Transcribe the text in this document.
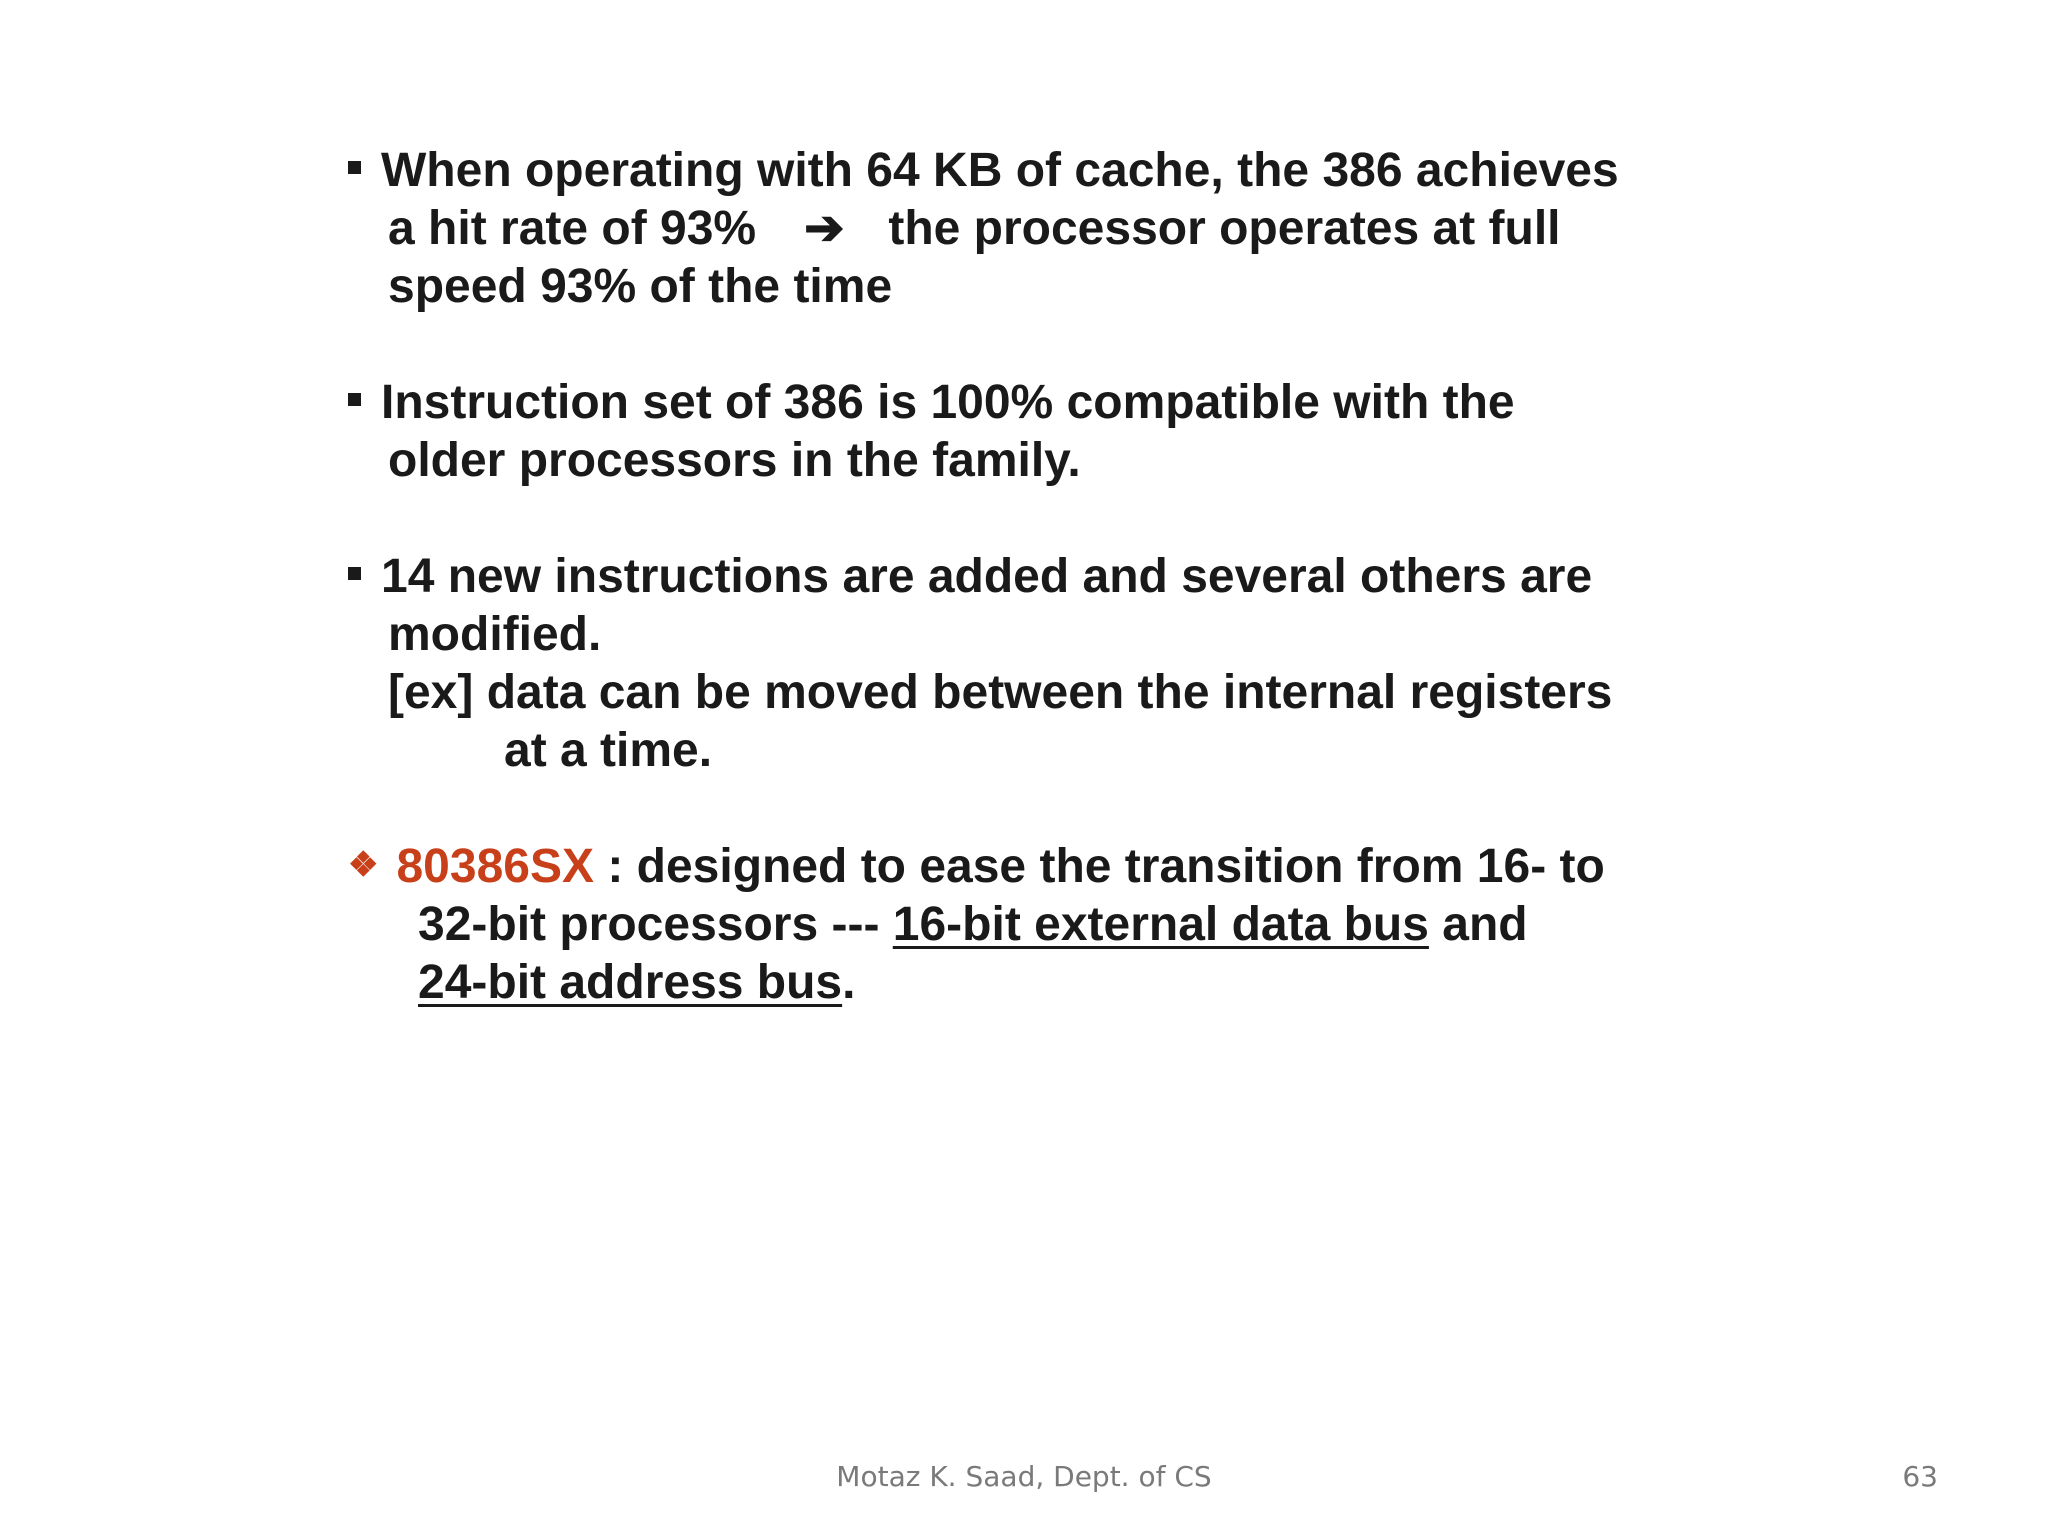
When operating with 64 KB of cache, the 386 achieves
a hit rate of 93% ➔ the processor operates at full
speed 93% of the time
Instruction set of 386 is 100% compatible with the
older processors in the family.
14 new instructions are added and several others are
modified.
[ex] data can be moved between the internal registers
at a time.
❖ 80386SX : designed to ease the transition from 16- to
32-bit processors --- 16-bit external data bus and
24-bit address bus.
Motaz K. Saad, Dept. of CS	63
